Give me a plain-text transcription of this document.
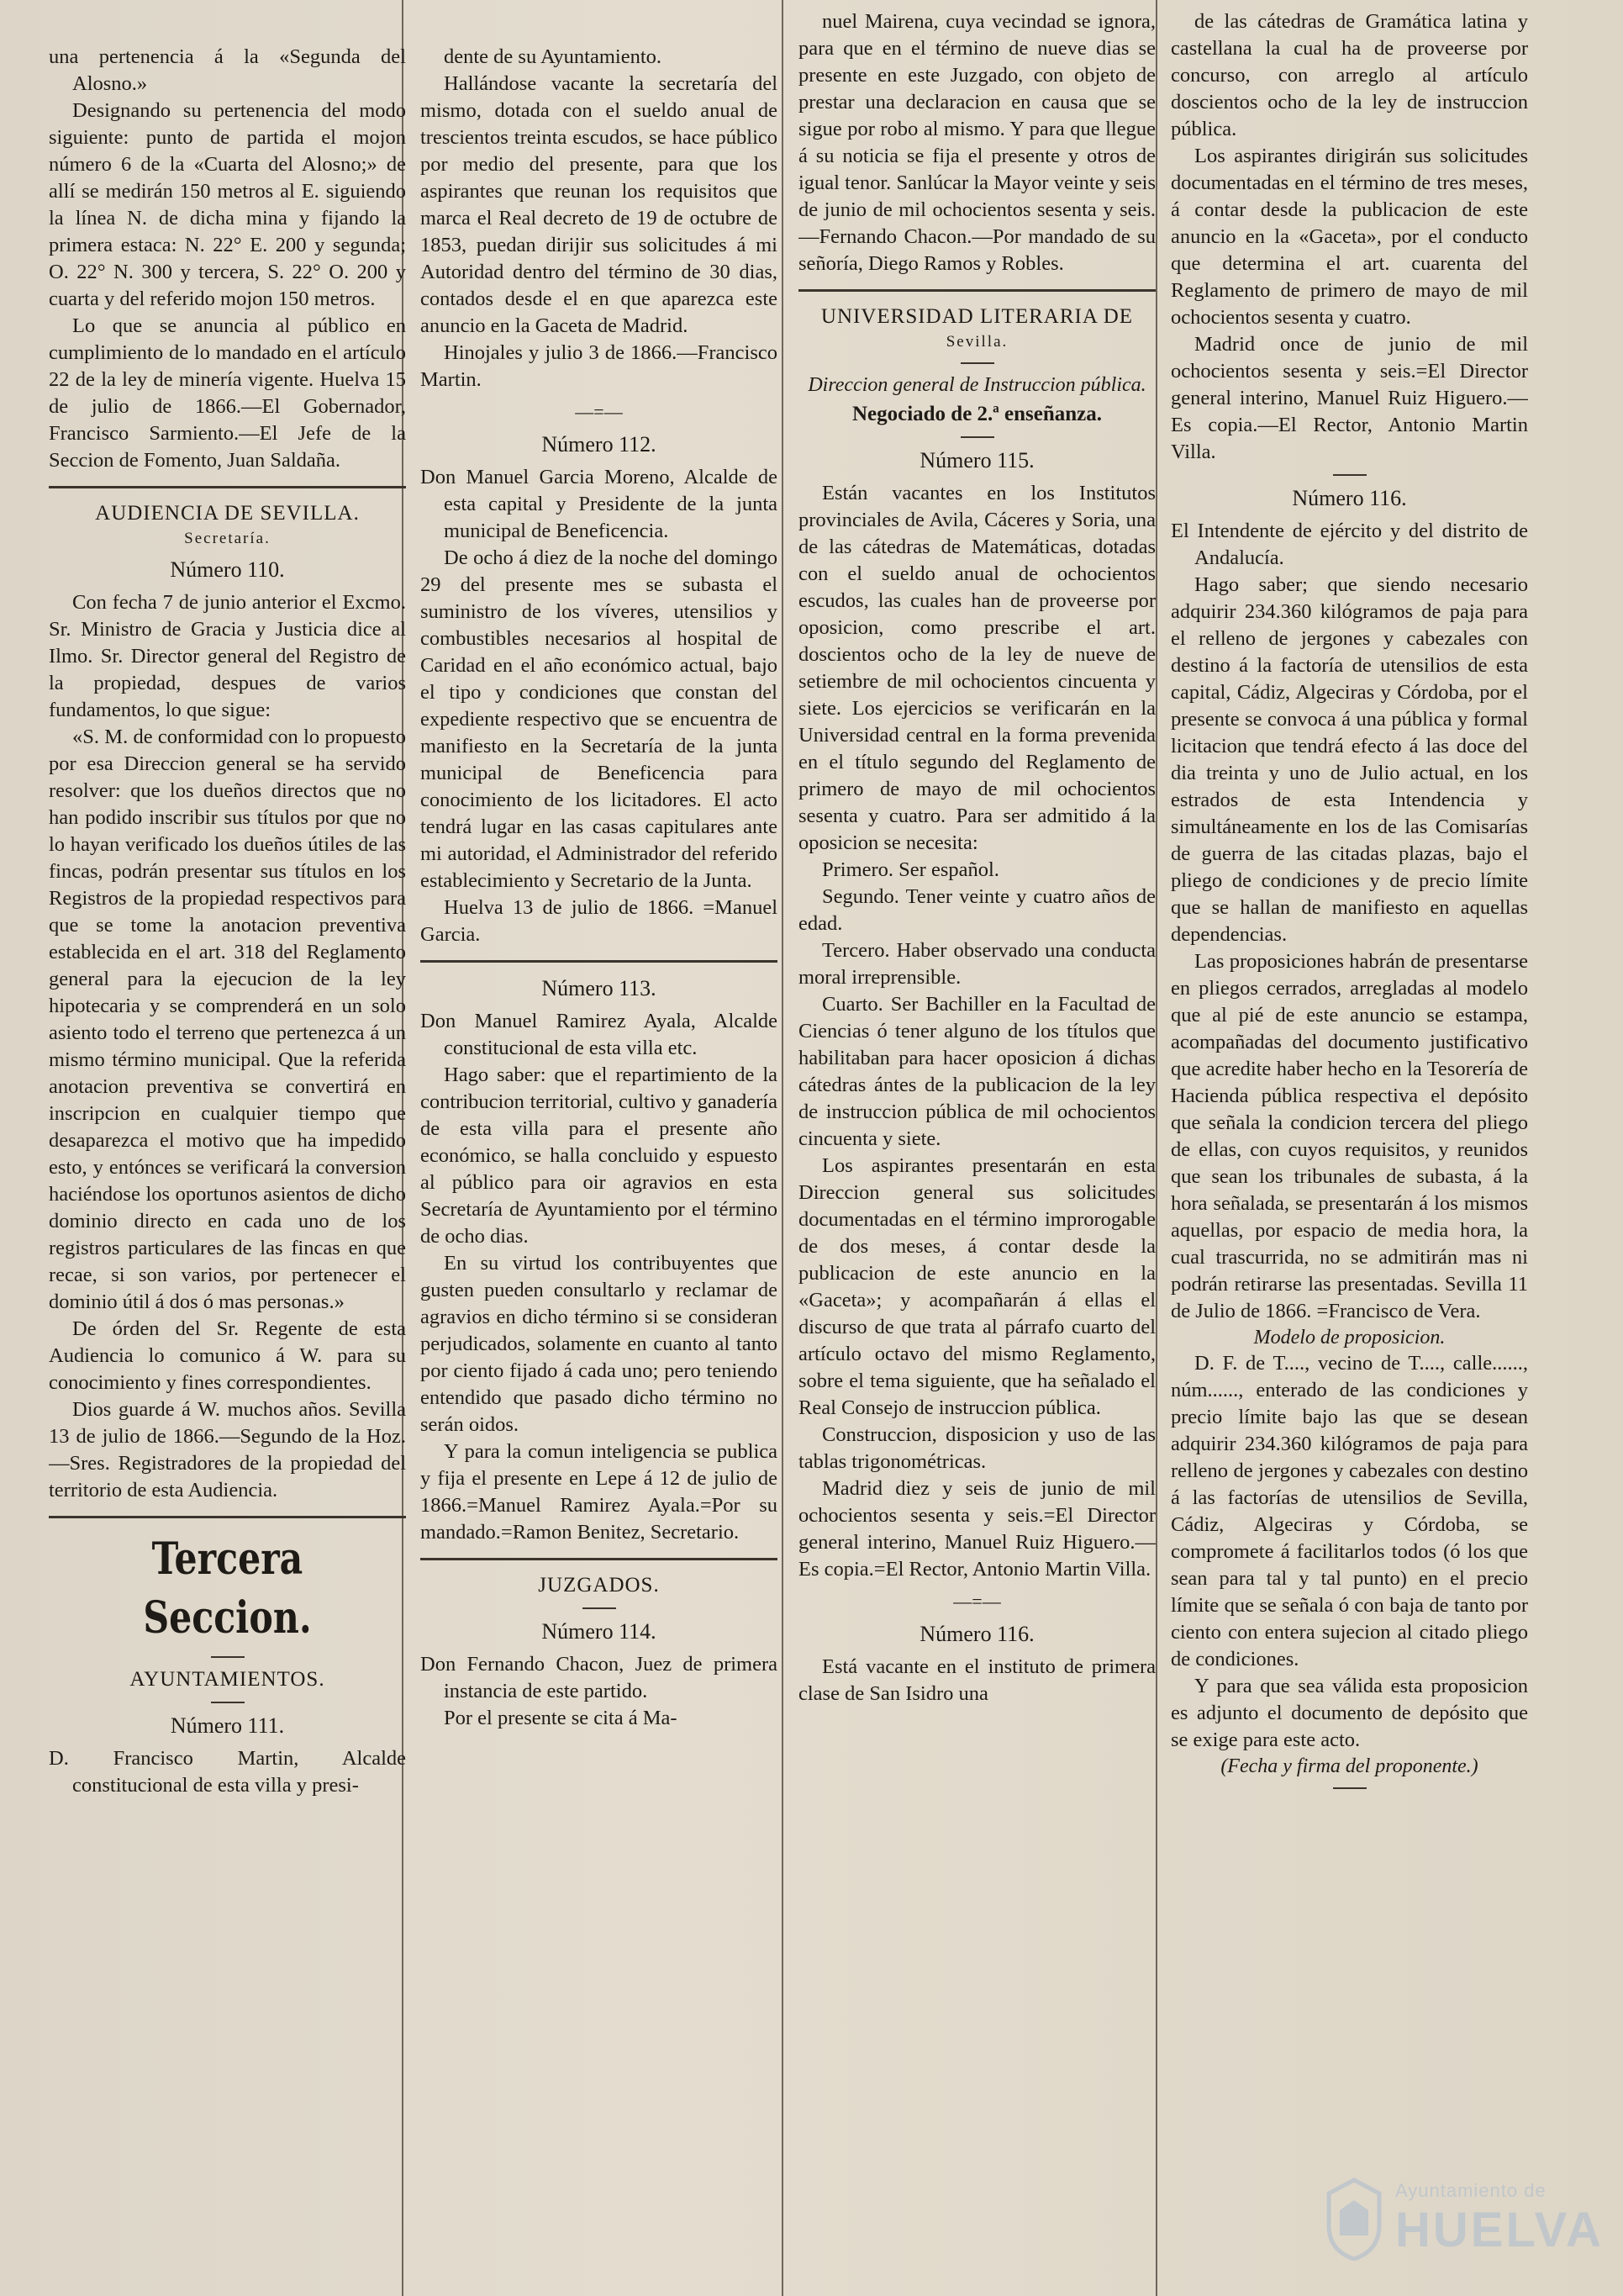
una pertenencia á la «Segunda del Alosno.»

Designando su pertenencia del modo siguiente: punto de partida el mojon número 6 de la «Cuarta del Alosno;» de allí se medirán 150 metros al E. siguiendo la línea N. de dicha mina y fijando la primera estaca: N. 22° E. 200 y segunda; O. 22° N. 300 y tercera, S. 22° O. 200 y cuarta y del referido mojon 150 metros.

Lo que se anuncia al público en cumplimiento de lo mandado en el artículo 22 de la ley de minería vigente. Huelva 15 de julio de 1866.—El Gobernador, Francisco Sarmiento.—El Jefe de la Seccion de Fomento, Juan Saldaña.

AUDIENCIA DE SEVILLA.

Secretaría.

Número 110.

Con fecha 7 de junio anterior el Excmo. Sr. Ministro de Gracia y Justicia dice al Ilmo. Sr. Director general del Registro de la propiedad, despues de varios fundamentos, lo que sigue:

«S. M. de conformidad con lo propuesto por esa Direccion general se ha servido resolver: que los dueños directos que no han podido inscribir sus títulos por que no lo hayan verificado los dueños útiles de las fincas, podrán presentar sus títulos en los Registros de la propiedad respectivos para que se tome la anotacion preventiva establecida en el art. 318 del Reglamento general para la ejecucion de la ley hipotecaria y se comprenderá en un solo asiento todo el terreno que pertenezca á un mismo término municipal. Que la referida anotacion preventiva se convertirá en inscripcion en cualquier tiempo que desaparezca el motivo que ha impedido esto, y entónces se verificará la conversion haciéndose los oportunos asientos de dicho dominio directo en cada uno de los registros particulares de las fincas en que recae, si son varios, por pertenecer el dominio útil á dos ó mas personas.»

De órden del Sr. Regente de esta Audiencia lo comunico á W. para su conocimiento y fines correspondientes.

Dios guarde á W. muchos años. Sevilla 13 de julio de 1866.—Segundo de la Hoz.—Sres. Registradores de la propiedad del territorio de esta Audiencia.

Tercera Seccion.

AYUNTAMIENTOS.

Número 111.

D. Francisco Martin, Alcalde constitucional de esta villa y presi-

dente de su Ayuntamiento.

Hallándose vacante la secretaría del mismo, dotada con el sueldo anual de trescientos treinta escudos, se hace público por medio del presente, para que los aspirantes que reunan los requisitos que marca el Real decreto de 19 de octubre de 1853, puedan dirijir sus solicitudes á mi Autoridad dentro del término de 30 dias, contados desde el en que aparezca este anuncio en la Gaceta de Madrid.

Hinojales y julio 3 de 1866.—Francisco Martin.

—=—

Número 112.

Don Manuel Garcia Moreno, Alcalde de esta capital y Presidente de la junta municipal de Beneficencia.

De ocho á diez de la noche del domingo 29 del presente mes se subasta el suministro de los víveres, utensilios y combustibles necesarios al hospital de Caridad en el año económico actual, bajo el tipo y condiciones que constan del expediente respectivo que se encuentra de manifiesto en la Secretaría de la junta municipal de Beneficencia para conocimiento de los licitadores. El acto tendrá lugar en las casas capitulares ante mi autoridad, el Administrador del referido establecimiento y Secretario de la Junta.

Huelva 13 de julio de 1866. =Manuel Garcia.

Número 113.

Don Manuel Ramirez Ayala, Alcalde constitucional de esta villa etc.

Hago saber: que el repartimiento de la contribucion territorial, cultivo y ganadería de esta villa para el presente año económico, se halla concluido y espuesto al público para oir agravios en esta Secretaría de Ayuntamiento por el término de ocho dias.

En su virtud los contribuyentes que gusten pueden consultarlo y reclamar de agravios en dicho término si se consideran perjudicados, solamente en cuanto al tanto por ciento fijado á cada uno; pero teniendo entendido que pasado dicho término no serán oidos.

Y para la comun inteligencia se publica y fija el presente en Lepe á 12 de julio de 1866.=Manuel Ramirez Ayala.=Por su mandado.=Ramon Benitez, Secretario.

JUZGADOS.

Número 114.

Don Fernando Chacon, Juez de primera instancia de este partido.

Por el presente se cita á Ma-

nuel Mairena, cuya vecindad se ignora, para que en el término de nueve dias se presente en este Juzgado, con objeto de prestar una declaracion en causa que se sigue por robo al mismo. Y para que llegue á su noticia se fija el presente y otros de igual tenor. Sanlúcar la Mayor veinte y seis de junio de mil ochocientos sesenta y seis.—Fernando Chacon.—Por mandado de su señoría, Diego Ramos y Robles.

UNIVERSIDAD LITERARIA DE

Sevilla.

Direccion general de Instruccion pública.

Negociado de 2.ª enseñanza.

Número 115.

Están vacantes en los Institutos provinciales de Avila, Cáceres y Soria, una de las cátedras de Matemáticas, dotadas con el sueldo anual de ochocientos escudos, las cuales han de proveerse por oposicion, como prescribe el art. doscientos ocho de la ley de nueve de setiembre de mil ochocientos cincuenta y siete. Los ejercicios se verificarán en la Universidad central en la forma prevenida en el título segundo del Reglamento de primero de mayo de mil ochocientos sesenta y cuatro. Para ser admitido á la oposicion se necesita:

Primero. Ser español.

Segundo. Tener veinte y cuatro años de edad.

Tercero. Haber observado una conducta moral irreprensible.

Cuarto. Ser Bachiller en la Facultad de Ciencias ó tener alguno de los títulos que habilitaban para hacer oposicion á dichas cátedras ántes de la publicacion de la ley de instruccion pública de mil ochocientos cincuenta y siete.

Los aspirantes presentarán en esta Direccion general sus solicitudes documentadas en el término improrogable de dos meses, á contar desde la publicacion de este anuncio en la «Gaceta»; y acompañarán á ellas el discurso de que trata al párrafo cuarto del artículo octavo del mismo Reglamento, sobre el tema siguiente, que ha señalado el Real Consejo de instruccion pública.

Construccion, disposicion y uso de las tablas trigonométricas.

Madrid diez y seis de junio de mil ochocientos sesenta y seis.=El Director general interino, Manuel Ruiz Higuero.—Es copia.=El Rector, Antonio Martin Villa.

—=—

Número 116.

Está vacante en el instituto de primera clase de San Isidro una

de las cátedras de Gramática latina y castellana la cual ha de proveerse por concurso, con arreglo al artículo doscientos ocho de la ley de instruccion pública.

Los aspirantes dirigirán sus solicitudes documentadas en el término de tres meses, á contar desde la publicacion de este anuncio en la «Gaceta», por el conducto que determina el art. cuarenta del Reglamento de primero de mayo de mil ochocientos sesenta y cuatro.

Madrid once de junio de mil ochocientos sesenta y seis.=El Director general interino, Manuel Ruiz Higuero.—Es copia.—El Rector, Antonio Martin Villa.

Número 116.

El Intendente de ejército y del distrito de Andalucía.

Hago saber; que siendo necesario adquirir 234.360 kilógramos de paja para el relleno de jergones y cabezales con destino á la factoría de utensilios de esta capital, Cádiz, Algeciras y Córdoba, por el presente se convoca á una pública y formal licitacion que tendrá efecto á las doce del dia treinta y uno de Julio actual, en los estrados de esta Intendencia y simultáneamente en los de las Comisarías de guerra de las citadas plazas, bajo el pliego de condiciones y de precio límite que se hallan de manifiesto en aquellas dependencias.

Las proposiciones habrán de presentarse en pliegos cerrados, arregladas al modelo que al pié de este anuncio se estampa, acompañadas del documento justificativo que acredite haber hecho en la Tesorería de Hacienda pública respectiva el depósito que señala la condicion tercera del pliego de ellas, con cuyos requisitos, y reunidos que sean los tribunales de subasta, á la hora señalada, se presentarán á los mismos aquellas, por espacio de media hora, la cual trascurrida, no se admitirán mas ni podrán retirarse las presentadas. Sevilla 11 de Julio de 1866. =Francisco de Vera.

Modelo de proposicion.

D. F. de T...., vecino de T...., calle......, núm......, enterado de las condiciones y precio límite bajo las que se desean adquirir 234.360 kilógramos de paja para relleno de jergones y cabezales con destino á las factorías de utensilios de Sevilla, Cádiz, Algeciras y Córdoba, se compromete á facilitarlos todos (ó los que sean para tal y tal punto) en el precio límite que se señala ó con baja de tanto por ciento con entera sujecion al citado pliego de condiciones.

Y para que sea válida esta proposicion es adjunto el documento de depósito que se exige para este acto.

(Fecha y firma del proponente.)

Ayuntamiento de
HUELVA
